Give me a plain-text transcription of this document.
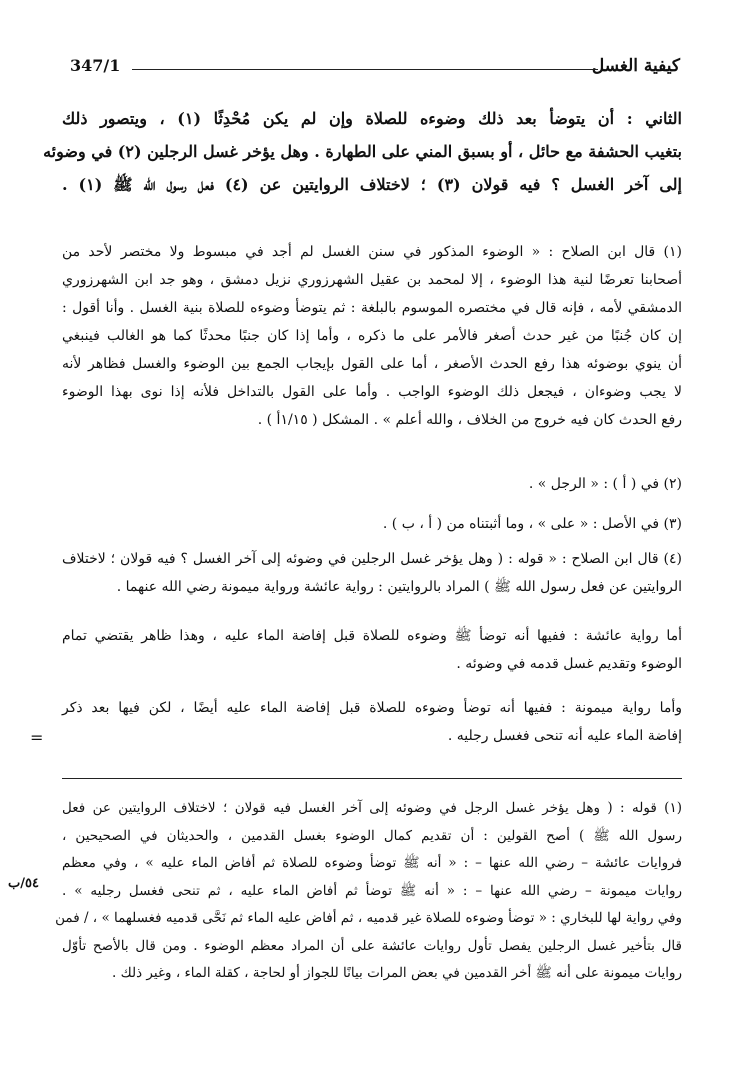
كيفية الغسل
347/1
الثاني : أن يتوضأ بعد ذلك وضوءه للصلاة وإن لم يكن مُحْدِثًا (١) ، ويتصور ذلك
بتغيب الحشفة مع حائل ، أو بسبق المني على الطهارة . وهل يؤخر غسل الرجلين (٢) في وضوئه
إلى آخر الغسل ؟ فيه قولان (٣) ؛ لاختلاف الروايتين عن (٤) فعل رسول الله ﷺ (١) .
(١) قال ابن الصلاح : « الوضوء المذكور في سنن الغسل لم أجد في مبسوط ولا مختصر لأحد من
أصحابنا تعرضًا لنية هذا الوضوء ، إلا لمحمد بن عقيل الشهرزوري نزيل دمشق ، وهو جد ابن الشهرزوري
الدمشقي لأمه ، فإنه قال في مختصره الموسوم بالبلغة : ثم يتوضأ وضوءه للصلاة بنية الغسل . وأنا أقول :
إن كان جُنبًا من غير حدث أصغر فالأمر على ما ذكره ، وأما إذا كان جنبًا محدثًا كما هو الغالب فينبغي
أن ينوي بوضوئه هذا رفع الحدث الأصغر ، أما على القول بإيجاب الجمع بين الوضوء والغسل فظاهر لأنه
لا يجب وضوءان ، فيجعل ذلك الوضوء الواجب . وأما على القول بالتداخل فلأنه إذا نوى بهذا الوضوء
رفع الحدث كان فيه خروج من الخلاف ، والله أعلم » . المشكل ( ١/١٥أ ) .
(٢) في ( أ ) : « الرجل » .
(٣) في الأصل : « على » ، وما أثبتناه من ( أ ، ب ) .
(٤) قال ابن الصلاح : « قوله : ( وهل يؤخر غسل الرجلين في وضوئه إلى آخر الغسل ؟ فيه قولان ؛ لاختلاف
الروايتين عن فعل رسول الله ﷺ ) المراد بالروايتين : رواية عائشة ورواية ميمونة رضي الله عنهما .
أما رواية عائشة : ففيها أنه توضأ ﷺ وضوءه للصلاة قبل إفاضة الماء عليه ، وهذا ظاهر يقتضي تمام
الوضوء وتقديم غسل قدمه في وضوئه .
وأما رواية ميمونة : ففيها أنه توضأ وضوءه للصلاة قبل إفاضة الماء عليه أيضًا ، لكن فيها بعد ذكر
إفاضة الماء عليه أنه تنحى فغسل رجليه .
=
(١) قوله : ( وهل يؤخر غسل الرجل في وضوئه إلى آخر الغسل فيه قولان ؛ لاختلاف الروايتين عن فعل
رسول الله ﷺ ) أصح القولين : أن تقديم كمال الوضوء بغسل القدمين ، والحديثان في الصحيحين ،
فروايات عائشة – رضي الله عنها – : « أنه ﷺ توضأ وضوءه للصلاة ثم أفاض الماء عليه » ، وفي معظم
روايات ميمونة – رضي الله عنها – : « أنه ﷺ توضأ ثم أفاض الماء عليه ، ثم تنحى فغسل رجليه » .
وفي رواية لها للبخاري : « توضأ وضوءه للصلاة غير قدميه ، ثم أفاض عليه الماء ثم نَحَّى قدميه فغسلهما » ، / فمن
قال بتأخير غسل الرجلين يفصل تأول روايات عائشة على أن المراد معظم الوضوء . ومن قال بالأصح تأوّل
روايات ميمونة على أنه ﷺ أخر القدمين في بعض المرات بيانًا للجواز أو لحاجة ، كقلة الماء ، وغير ذلك .
٥٤/ب
